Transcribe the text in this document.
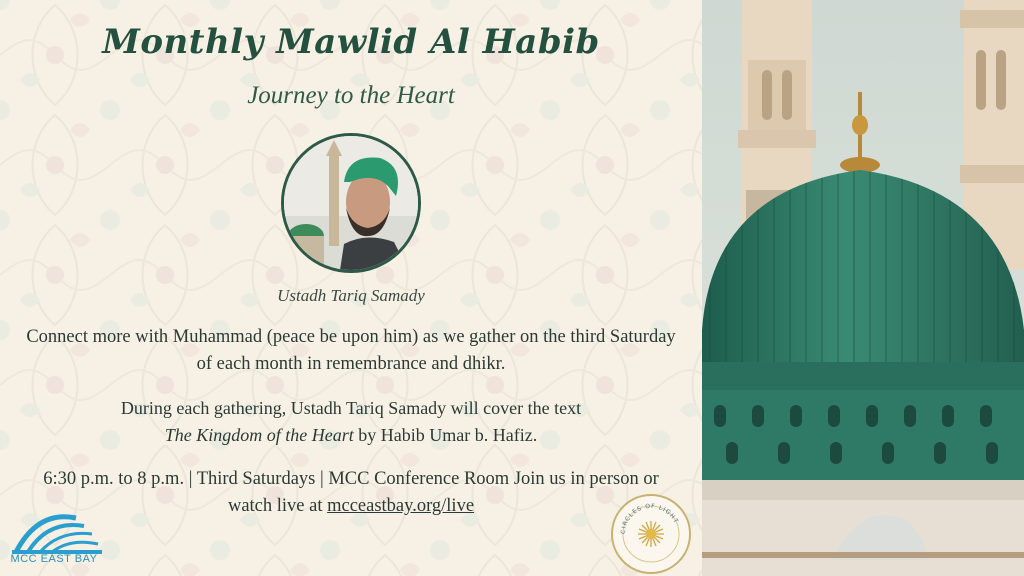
Monthly Mawlid Al Habib
Journey to the Heart
Ustadh Tariq Samady
Connect more with Muhammad (peace be upon him) as we gather on the third Saturday of each month in remembrance and dhikr.
During each gathering, Ustadh Tariq Samady will cover the text
The Kingdom of the Heart by Habib Umar b. Hafiz.
6:30 p.m. to 8 p.m. | Third Saturdays | MCC Conference Room Join us in person or watch live at mcceastbay.org/live
MCC EAST BAY
CIRCLES OF LIGHT
